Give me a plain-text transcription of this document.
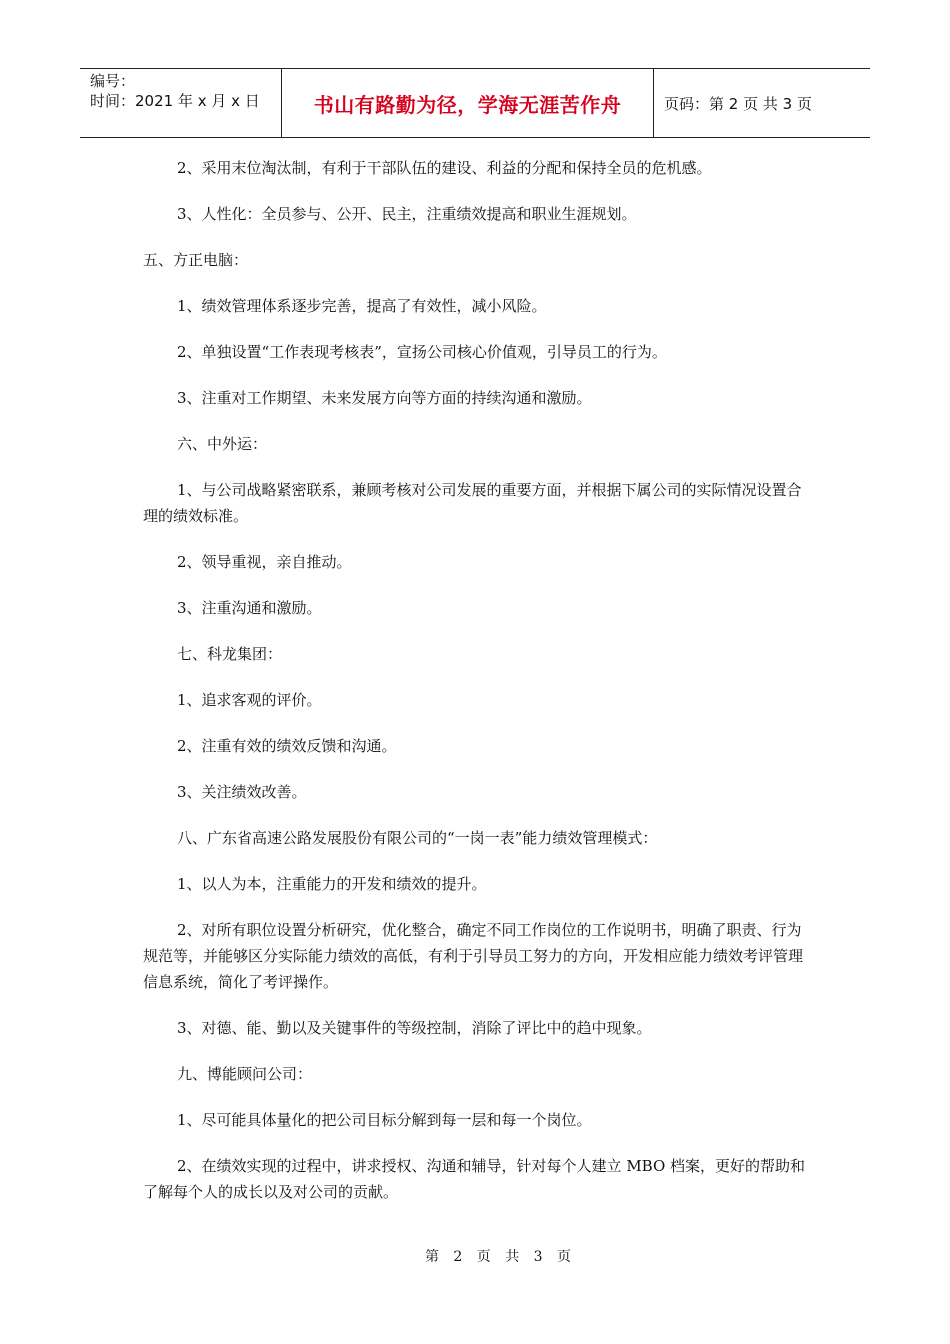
编号：
时间：2021 年 x 月 x 日	书山有路勤为径，学海无涯苦作舟	页码：第 2 页 共 3 页

2、采用末位淘汰制，有利于干部队伍的建设、利益的分配和保持全员的危机感。

3、人性化：全员参与、公开、民主，注重绩效提高和职业生涯规划。

五、方正电脑：

1、绩效管理体系逐步完善，提高了有效性，减小风险。

2、单独设置“工作表现考核表”，宣扬公司核心价值观，引导员工的行为。

3、注重对工作期望、未来发展方向等方面的持续沟通和激励。

六、中外运：

1、与公司战略紧密联系，兼顾考核对公司发展的重要方面，并根据下属公司的实际情况设置合理的绩效标准。

2、领导重视，亲自推动。

3、注重沟通和激励。

七、科龙集团：

1、追求客观的评价。

2、注重有效的绩效反馈和沟通。

3、关注绩效改善。

八、广东省高速公路发展股份有限公司的“一岗一表”能力绩效管理模式：

1、以人为本，注重能力的开发和绩效的提升。

2、对所有职位设置分析研究，优化整合，确定不同工作岗位的工作说明书，明确了职责、行为规范等，并能够区分实际能力绩效的高低，有利于引导员工努力的方向，开发相应能力绩效考评管理信息系统，简化了考评操作。

3、对德、能、勤以及关键事件的等级控制，消除了评比中的趋中现象。

九、博能顾问公司：

1、尽可能具体量化的把公司目标分解到每一层和每一个岗位。

2、在绩效实现的过程中，讲求授权、沟通和辅导，针对每个人建立 MBO 档案，更好的帮助和了解每个人的成长以及对公司的贡献。

第 2 页 共 3 页
